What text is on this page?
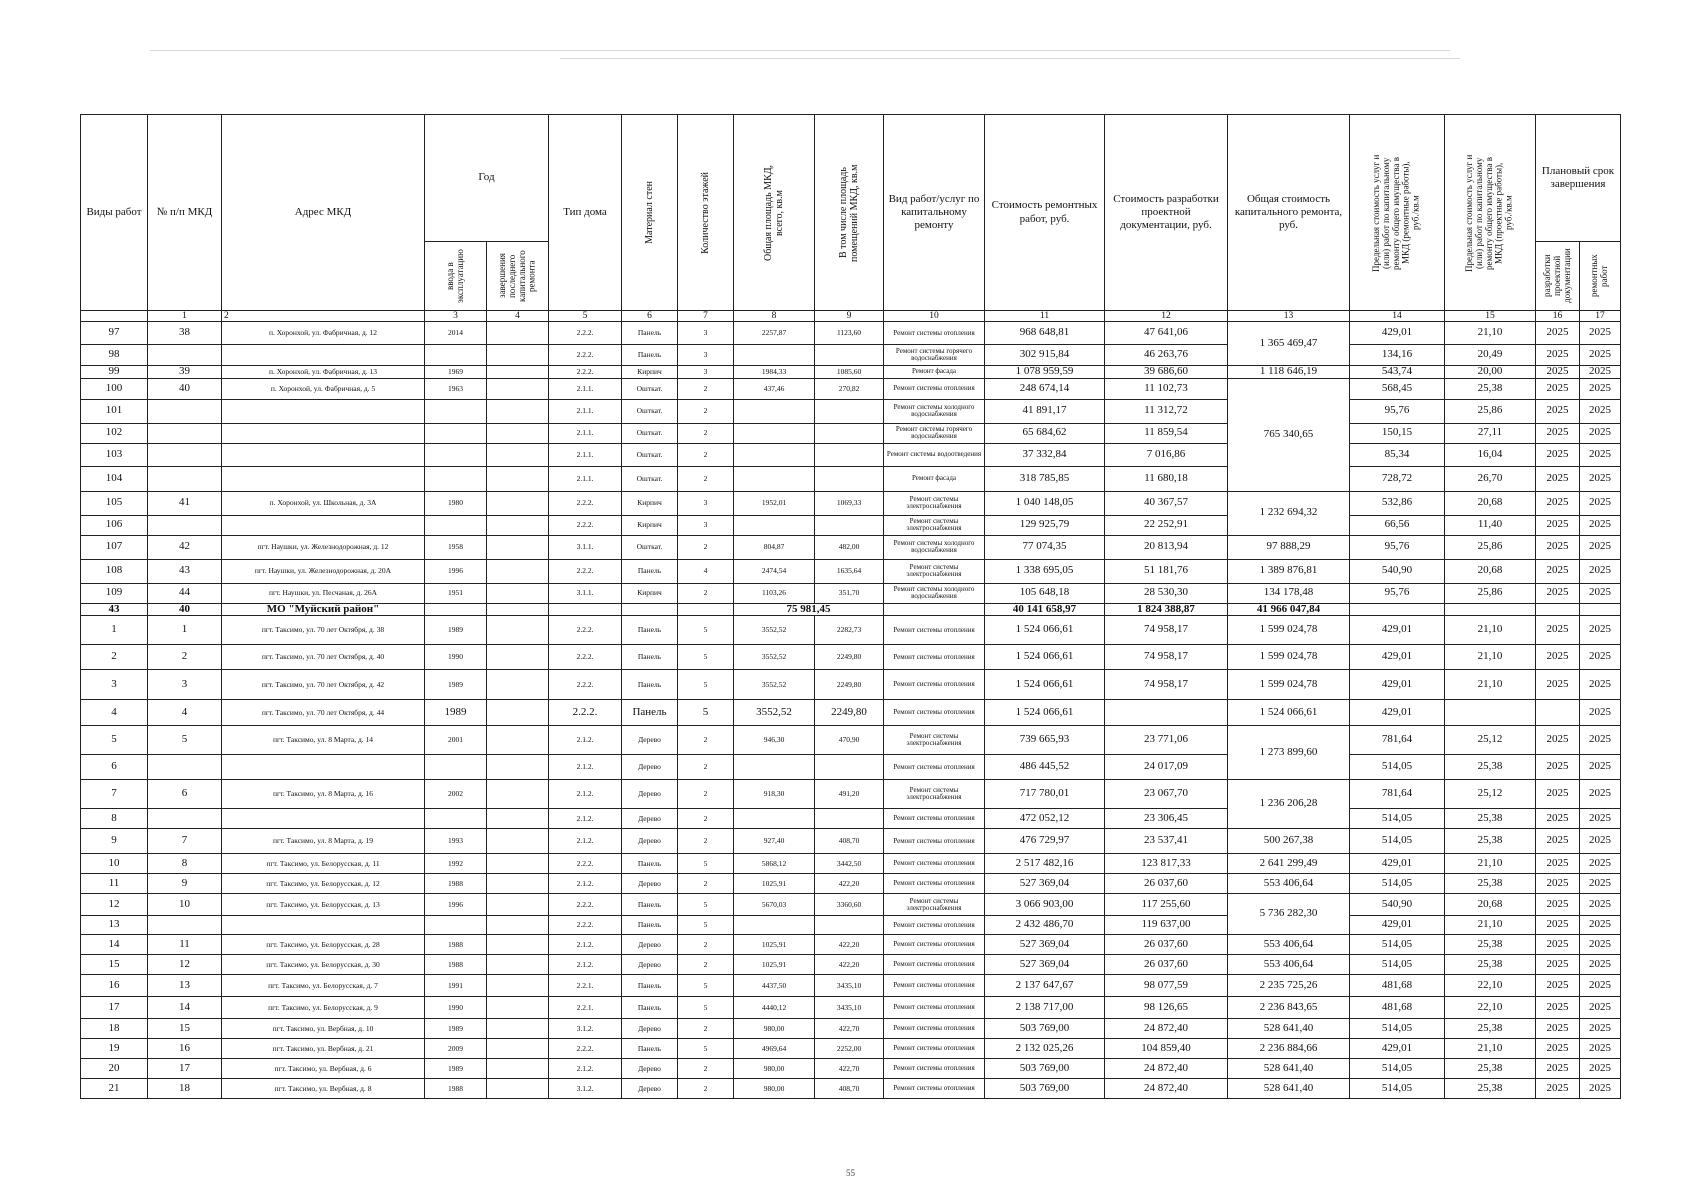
Виды работ	№ п/п МКД	Адрес МКД	Год		Тип дома	Материал стен	Количество этажей	Общая площадь МКД, всего, кв.м	В том числе площадь помещений МКД, кв.м	Вид работ/услуг по капитальному ремонту	Стоимость ремонтных работ, руб.	Стоимость разработки проектной документации, руб.	Общая стоимость капитального ремонта, руб.	Предельная стоимость услуг и (или) работ по капитальному ремонту общего имущества в МКД (ремонтные работы), руб./кв.м	Предельная стоимость услуг и (или) работ по капитальному ремонту общего имущества в МКД (проектные работы), руб./кв.м	Плановый срок завершения	

			ввода в эксплуатацию	завершения последнего капитального ремонта												разработки проектной документации	ремонтных работ

	1	2	3	4	5	6	7	8	9	10	11	12	13	14	15	16	17
97	38	п. Хоронхой, ул. Фабричная, д. 12	2014		2.2.2.	Панель	3	2257,87	1123,60	Ремонт системы отопления	968 648,81	47 641,06	1 365 469,47	429,01	21,10	2025	2025
98					2.2.2.	Панель	3			Ремонт системы горячего водоснабжения	302 915,84	46 263,76		134,16	20,49	2025	2025
99	39	п. Хоронхой, ул. Фабричная, д. 13	1969		2.2.2.	Кирпич	3	1984,33	1085,60	Ремонт фасада	1 078 959,59	39 686,60	1 118 646,19	543,74	20,00	2025	2025
100	40	п. Хоронхой, ул. Фабричная, д. 5	1963		2.1.1.	Ошткат.	2	437,46	270,82	Ремонт системы отопления	248 674,14	11 102,73	765 340,65	568,45	25,38	2025	2025
101					2.1.1.	Ошткат.	2			Ремонт системы холодного водоснабжения	41 891,17	11 312,72		95,76	25,86	2025	2025
102					2.1.1.	Ошткат.	2			Ремонт системы горячего водоснабжения	65 684,62	11 859,54		150,15	27,11	2025	2025
103					2.1.1.	Ошткат.	2			Ремонт системы водоотведения	37 332,84	7 016,86		85,34	16,04	2025	2025
104					2.1.1.	Ошткат.	2			Ремонт фасада	318 785,85	11 680,18		728,72	26,70	2025	2025
105	41	п. Хоронхой, ул. Школьная, д. 3А	1980		2.2.2.	Кирпич	3	1952,01	1069,33	Ремонт системы электроснабжения	1 040 148,05	40 367,57	1 232 694,32	532,86	20,68	2025	2025
106					2.2.2.	Кирпич	3			Ремонт системы электроснабжения	129 925,79	22 252,91		66,56	11,40	2025	2025
107	42	пгт. Наушки, ул. Железнодорожная, д. 12	1958		3.1.1.	Ошткат.	2	804,87	482,00	Ремонт системы холодного водоснабжения	77 074,35	20 813,94	97 888,29	95,76	25,86	2025	2025
108	43	пгт. Наушки, ул. Железнодорожная, д. 20А	1996		2.2.2.	Панель	4	2474,54	1635,64	Ремонт системы электроснабжения	1 338 695,05	51 181,76	1 389 876,81	540,90	20,68	2025	2025
109	44	пгт. Наушки, ул. Песчаная, д. 26А	1951		3.1.1.	Кирпич	2	1103,26	351,70	Ремонт системы холодного водоснабжения	105 648,18	28 530,30	134 178,48	95,76	25,86	2025	2025
43	40	МО "Муйский район"						75 981,45			40 141 658,97	1 824 388,87	41 966 047,84				
1	1	пгт. Таксимо, ул. 70 лет Октября, д. 38	1989		2.2.2.	Панель	5	3552,52	2282,73	Ремонт системы отопления	1 524 066,61	74 958,17	1 599 024,78	429,01	21,10	2025	2025
2	2	пгт. Таксимо, ул. 70 лет Октября, д. 40	1990		2.2.2.	Панель	5	3552,52	2249,80	Ремонт системы отопления	1 524 066,61	74 958,17	1 599 024,78	429,01	21,10	2025	2025
3	3	пгт. Таксимо, ул. 70 лет Октября, д. 42	1989		2.2.2.	Панель	5	3552,52	2249,80	Ремонт системы отопления	1 524 066,61	74 958,17	1 599 024,78	429,01	21,10	2025	2025
4	4	пгт. Таксимо, ул. 70 лет Октября, д. 44	1989		2.2.2.	Панель	5	3552,52	2249,80	Ремонт системы отопления	1 524 066,61		1 524 066,61	429,01			2025
5	5	пгт. Таксимо, ул. 8 Марта, д. 14	2001		2.1.2.	Дерево	2	946,30	470,90	Ремонт системы электроснабжения	739 665,93	23 771,06	1 273 899,60	781,64	25,12	2025	2025
6					2.1.2.	Дерево	2			Ремонт системы отопления	486 445,52	24 017,09		514,05	25,38	2025	2025
7	6	пгт. Таксимо, ул. 8 Марта, д. 16	2002		2.1.2.	Дерево	2	918,30	491,20	Ремонт системы электроснабжения	717 780,01	23 067,70	1 236 206,28	781,64	25,12	2025	2025
8					2.1.2.	Дерево	2			Ремонт системы отопления	472 052,12	23 306,45		514,05	25,38	2025	2025
9	7	пгт. Таксимо, ул. 8 Марта, д. 19	1993		2.1.2.	Дерево	2	927,40	408,70	Ремонт системы отопления	476 729,97	23 537,41	500 267,38	514,05	25,38	2025	2025
10	8	пгт. Таксимо, ул. Белорусская, д. 11	1992		2.2.2.	Панель	5	5868,12	3442,50	Ремонт системы отопления	2 517 482,16	123 817,33	2 641 299,49	429,01	21,10	2025	2025
11	9	пгт. Таксимо, ул. Белорусская, д. 12	1988		2.1.2.	Дерево	2	1025,91	422,20	Ремонт системы отопления	527 369,04	26 037,60	553 406,64	514,05	25,38	2025	2025
12	10	пгт. Таксимо, ул. Белорусская, д. 13	1996		2.2.2.	Панель	5	5670,03	3360,60	Ремонт системы электроснабжения	3 066 903,00	117 255,60	5 736 282,30	540,90	20,68	2025	2025
13					2.2.2.	Панель	5			Ремонт системы отопления	2 432 486,70	119 637,00		429,01	21,10	2025	2025
14	11	пгт. Таксимо, ул. Белорусская, д. 28	1988		2.1.2.	Дерево	2	1025,91	422,20	Ремонт системы отопления	527 369,04	26 037,60	553 406,64	514,05	25,38	2025	2025
15	12	пгт. Таксимо, ул. Белорусская, д. 30	1988		2.1.2.	Дерево	2	1025,91	422,20	Ремонт системы отопления	527 369,04	26 037,60	553 406,64	514,05	25,38	2025	2025
16	13	пгт. Таксимо, ул. Белорусская, д. 7	1991		2.2.1.	Панель	5	4437,50	3435,10	Ремонт системы отопления	2 137 647,67	98 077,59	2 235 725,26	481,68	22,10	2025	2025
17	14	пгт. Таксимо, ул. Белорусская, д. 9	1990		2.2.1.	Панель	5	4440,12	3435,10	Ремонт системы отопления	2 138 717,00	98 126,65	2 236 843,65	481,68	22,10	2025	2025
18	15	пгт. Таксимо, ул. Вербная, д. 10	1989		3.1.2.	Дерево	2	980,00	422,70	Ремонт системы отопления	503 769,00	24 872,40	528 641,40	514,05	25,38	2025	2025
19	16	пгт. Таксимо, ул. Вербная, д. 21	2009		2.2.2.	Панель	5	4969,64	2252,00	Ремонт системы отопления	2 132 025,26	104 859,40	2 236 884,66	429,01	21,10	2025	2025
20	17	пгт. Таксимо, ул. Вербная, д. 6	1989		2.1.2.	Дерево	2	980,00	422,70	Ремонт системы отопления	503 769,00	24 872,40	528 641,40	514,05	25,38	2025	2025
21	18	пгт. Таксимо, ул. Вербная, д. 8	1988		3.1.2.	Дерево	2	980,00	408,70	Ремонт системы отопления	503 769,00	24 872,40	528 641,40	514,05	25,38	2025	2025
55
